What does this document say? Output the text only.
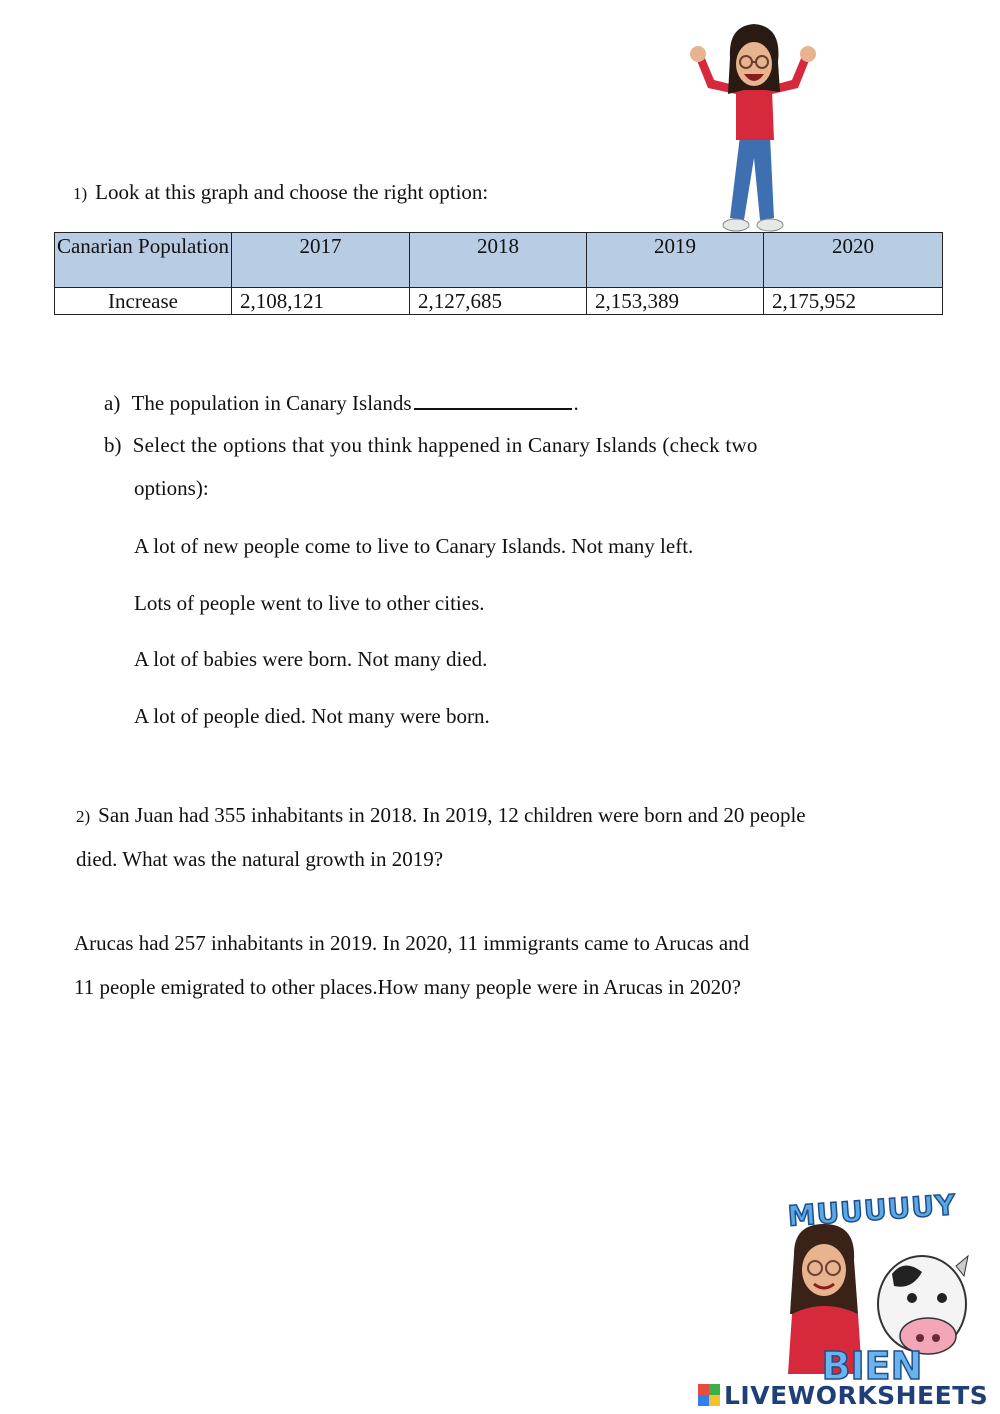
1) Look at this graph and choose the right option:
Canarian Population	2017	2018	2019	2020
Increase	2,108,121	2,127,685	2,153,389	2,175,952
a) The population in Canary Islands	.
b) Select the options that you think happened in Canary Islands (check two
options):
A lot of new people come to live to Canary Islands. Not many left.
Lots of people went to live to other cities.
A lot of babies were born. Not many died.
A lot of people died. Not many were born.
2) San Juan had 355 inhabitants in 2018. In 2019, 12 children were born and 20 people
died. What was the natural growth in 2019?
Arucas had 257 inhabitants in 2019. In 2020, 11 immigrants came to Arucas and
11 people emigrated to other places.How many people were in Arucas in 2020?
MUUUUUY
BIEN
LIVEWORKSHEETS
